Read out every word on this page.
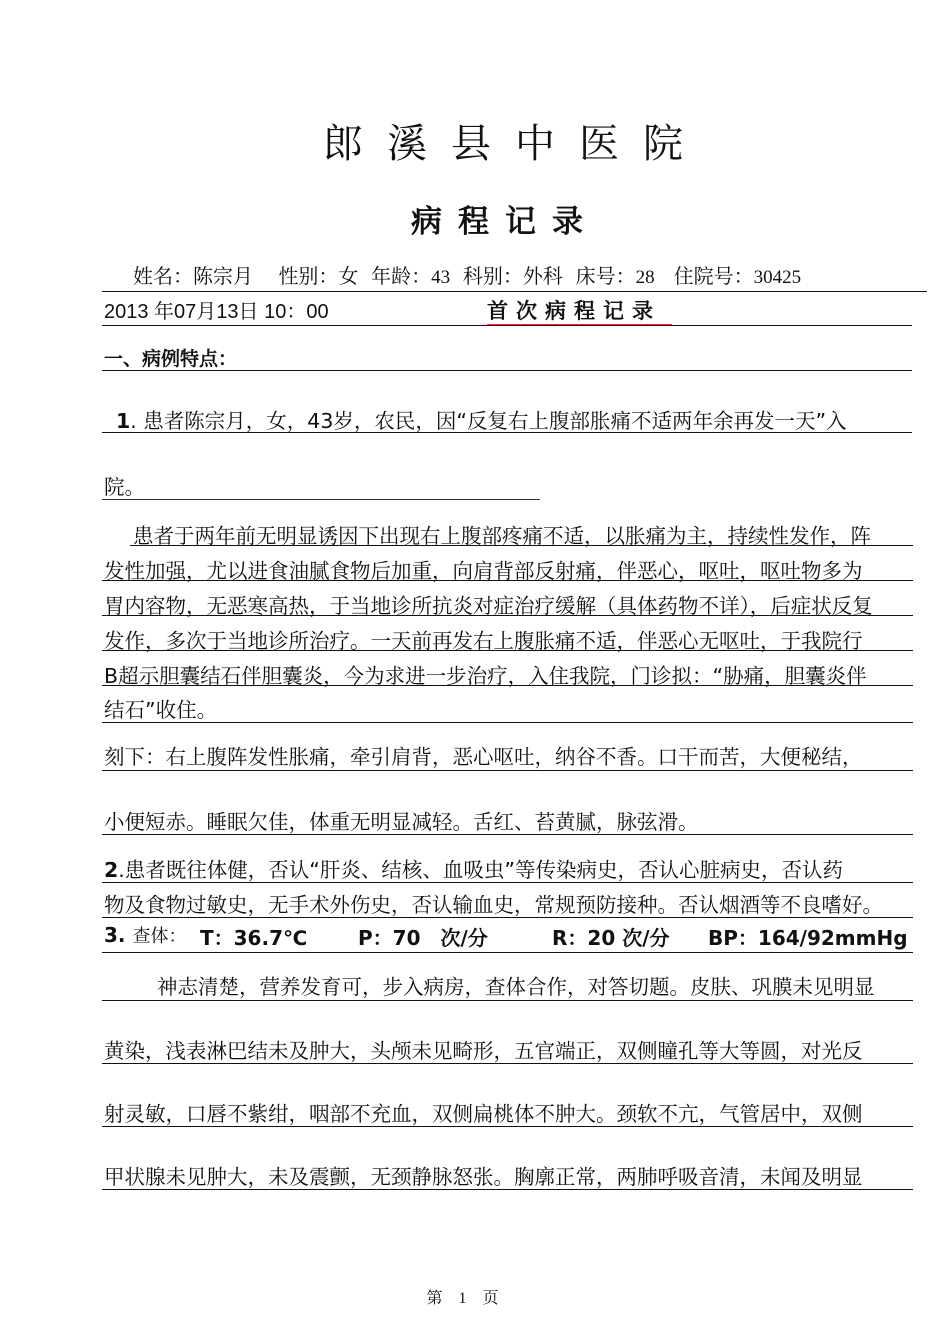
郎溪县中医院
病程记录
姓名：陈宗月 性别：女 年龄：43 科别：外科 床号：28 住院号：30425
2013 年07月13日 10：00	首次病程记录
一、病例特点：
1. 患者陈宗月，女，43岁，农民，因“反复右上腹部胀痛不适两年余再发一天”入
院。
患者于两年前无明显诱因下出现右上腹部疼痛不适，以胀痛为主，持续性发作，阵
发性加强，尤以进食油腻食物后加重，向肩背部反射痛，伴恶心，呕吐，呕吐物多为
胃内容物，无恶寒高热，于当地诊所抗炎对症治疗缓解（具体药物不详），后症状反复
发作，多次于当地诊所治疗。一天前再发右上腹胀痛不适，伴恶心无呕吐，于我院行
B超示胆囊结石伴胆囊炎，今为求进一步治疗，入住我院，门诊拟：“胁痛，胆囊炎伴
结石”收住。
刻下：右上腹阵发性胀痛，牵引肩背，恶心呕吐，纳谷不香。口干而苦，大便秘结，
小便短赤。睡眠欠佳，体重无明显减轻。舌红、苔黄腻，脉弦滑。
2.患者既往体健，否认“肝炎、结核、血吸虫”等传染病史，否认心脏病史，否认药
物及食物过敏史，无手术外伤史，否认输血史，常规预防接种。否认烟酒等不良嗜好。
3. 查体： T：36.7℃	P：70　次/分	R：20 次/分 BP：164/92mmHg
神志清楚，营养发育可，步入病房，查体合作，对答切题。皮肤、巩膜未见明显
黄染，浅表淋巴结未及肿大，头颅未见畸形，五官端正，双侧瞳孔等大等圆，对光反
射灵敏，口唇不紫绀，咽部不充血，双侧扁桃体不肿大。颈软不亢，气管居中，双侧
甲状腺未见肿大，未及震颤，无颈静脉怒张。胸廓正常，两肺呼吸音清，未闻及明显
第　1　页
